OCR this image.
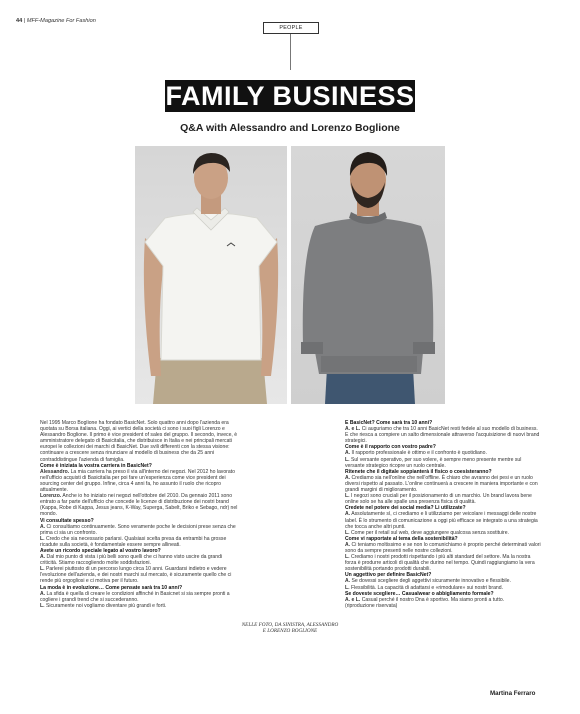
44 | MFF-Magazine For Fashion
PEOPLE
FAMILY BUSINESS
Q&A with Alessandro and Lorenzo Boglione

Nel 1995 Marco Boglione ha fondato BasicNet. Solo quattro anni dopo l'azienda era quotata su Borsa italiana. Oggi, ai vertici della società ci sono i suoi figli Lorenzo e Alessandro Boglione. Il primo è vice president of sales del gruppo. Il secondo, invece, è amministratore delegato di Basicitalia, che distribuisce in Italia e nei principali mercati europei le collezioni dei marchi di BasicNet. Due svili differenti con la stessa visione: continuare a crescere senza rinunciare al modello di business che da 25 anni contraddistingue l'azienda di famiglia.

Come è iniziata la vostra carriera in BasicNet?

Alessandro. La mia carriera ha preso il via all'interno dei negozi. Nel 2012 ho lavorato nell'ufficio acquisti di Basicitalia per poi fare un'esperienza come vice president dei sourcing center del gruppo. Infine, circa 4 anni fa, ho assunto il ruolo che ricopro attualmente.

Lorenzo. Anche io ho iniziato nei negozi nell'ottobre del 2010. Da gennaio 2011 sono entrato a far parte dell'ufficio che concede le licenze di distribuzione dei nostri brand (Kappa, Robe di Kappa, Jesus jeans, K-Way, Superga, Sabelt, Briko e Sebago, ndr) nel mondo.

Vi consultate spesso?

A. Ci consultiamo continuamente. Sono veramente poche le decisioni prese senza che prima ci sia un confronto.

L. Credo che sia necessario parlarsi. Qualsiasi scelta presa da entrambi ha grosse ricadute sulla società, è fondamentale essere sempre allineati.

Avete un ricordo speciale legato al vostro lavoro?

A. Dal mio punto di vista i più belli sono quelli che ci hanno visto uscire da grandi criticità. Stiamo raccogliendo molte soddisfazioni.

L. Parlerei piuttosto di un percorso lungo circa 10 anni. Guardarsi indietro e vedere l'evoluzione dell'azienda, e dei nostri marchi sul mercato, è sicuramente quello che ci rende più orgogliosi e ci motiva per il futuro.

La moda è in evoluzione… Come pensate sarà tra 10 anni?

A. La sfida è quella di creare le condizioni affinché in Basicnet si sia sempre pronti a cogliere i grandi trend che si succederanno.

L. Sicuramente noi vogliamo diventare più grandi e forti.

E BasicNet? Come sarà tra 10 anni?

A. e L. Ci auguriamo che tra 10 anni BasicNet resti fedele al suo modello di business. E che riesca a compiere un salto dimensionale attraverso l'acquisizione di nuovi brand strategici.

Come è il rapporto con vostro padre?

A. Il rapporto professionale è ottimo e il confronto è quotidiano.

L. Sul versante operativo, per suo volere, è sempre meno presente mentre sul versante strategico ricopre un ruolo centrale.

Ritenete che il digitale soppianterà il fisico o coesisteranno?

A. Crediamo sia nell'online che nell'offline. È chiaro che avranno dei pesi e un ruolo diversi rispetto al passato. L'online continuerà a crescere in maniera importante e con grandi margini di miglioramento.

L. I negozi sono cruciali per il posizionamento di un marchio. Un brand lavora bene online solo se ha alle spalle una presenza fisica di qualità.

Credete nel potere dei social media? Li utilizzate?

A. Assolutamente sì, ci crediamo e li utilizziamo per veicolare i messaggi delle nostre label. È lo strumento di comunicazione a oggi più efficace se integrato a una strategia che tocca anche altri punti.

L. Come per il retail sul web, deve aggiungere qualcosa senza sostituire.

Come vi rapportate al tema della sostenibilità?

A. Ci teniamo moltissimo e se non lo comunichiamo è proprio perché determinati valori sono da sempre presenti nelle nostre collezioni.

L. Crediamo i nostri prodotti rispettando i più alti standard del settore. Ma la nostra forza è produrre articoli di qualità che durino nel tempo. Quindi raggiungiamo la vera sostenibilità portando prodotti durabili.

Un aggettivo per definire BasicNet?

A. Se dovessi scegliere degli aggettivi sicuramente innovativo e flessibile.

L. Flessibilità. La capacità di adattarsi e «rimodulare» sui nostri brand.

Se doveste scegliere… Casualwear o abbigliamento formale?

A. e L. Casual perché il nostro Dna è sportivo. Ma siamo pronti a tutto.

(riproduzione riservata)

NELLE FOTO, DA SINISTRA, ALESSANDRO E LORENZO BOGLIONE
Martina Ferraro
